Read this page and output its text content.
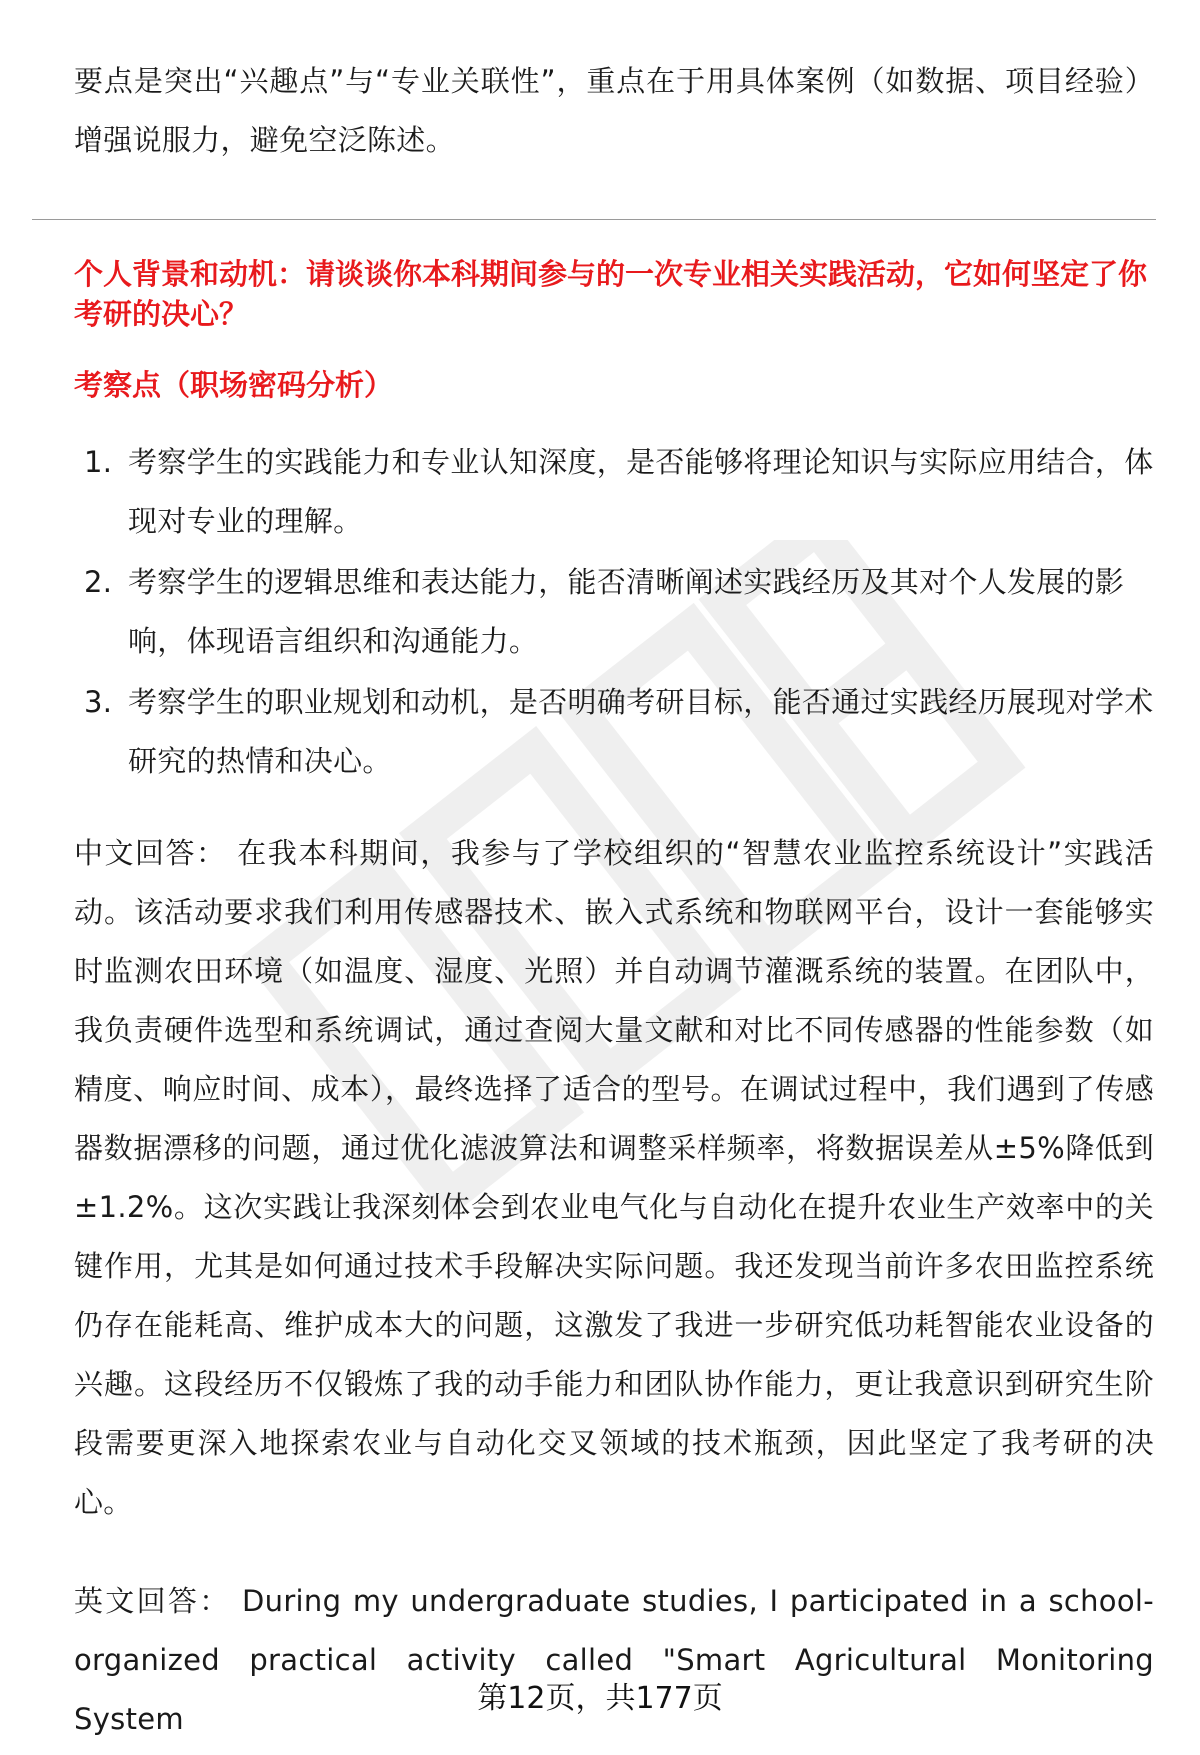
要点是突出“兴趣点”与“专业关联性”，重点在于用具体案例（如数据、项目经验）增强说服力，避免空泛陈述。

个人背景和动机：请谈谈你本科期间参与的一次专业相关实践活动，它如何坚定了你考研的决心？
考察点（职场密码分析）
1. 考察学生的实践能力和专业认知深度，是否能够将理论知识与实际应用结合，体现对专业的理解。
2. 考察学生的逻辑思维和表达能力，能否清晰阐述实践经历及其对个人发展的影响，体现语言组织和沟通能力。
3. 考察学生的职业规划和动机，是否明确考研目标，能否通过实践经历展现对学术研究的热情和决心。

中文回答： 在我本科期间，我参与了学校组织的“智慧农业监控系统设计”实践活动。该活动要求我们利用传感器技术、嵌入式系统和物联网平台，设计一套能够实时监测农田环境（如温度、湿度、光照）并自动调节灌溉系统的装置。在团队中，我负责硬件选型和系统调试，通过查阅大量文献和对比不同传感器的性能参数（如精度、响应时间、成本），最终选择了适合的型号。在调试过程中，我们遇到了传感器数据漂移的问题，通过优化滤波算法和调整采样频率，将数据误差从±5%降低到±1.2%。这次实践让我深刻体会到农业电气化与自动化在提升农业生产效率中的关键作用，尤其是如何通过技术手段解决实际问题。我还发现当前许多农田监控系统仍存在能耗高、维护成本大的问题，这激发了我进一步研究低功耗智能农业设备的兴趣。这段经历不仅锻炼了我的动手能力和团队协作能力，更让我意识到研究生阶段需要更深入地探索农业与自动化交叉领域的技术瓶颈，因此坚定了我考研的决心。

英文回答： During my undergraduate studies, I participated in a school-organized practical activity called "Smart Agricultural Monitoring System

第12页，共177页
